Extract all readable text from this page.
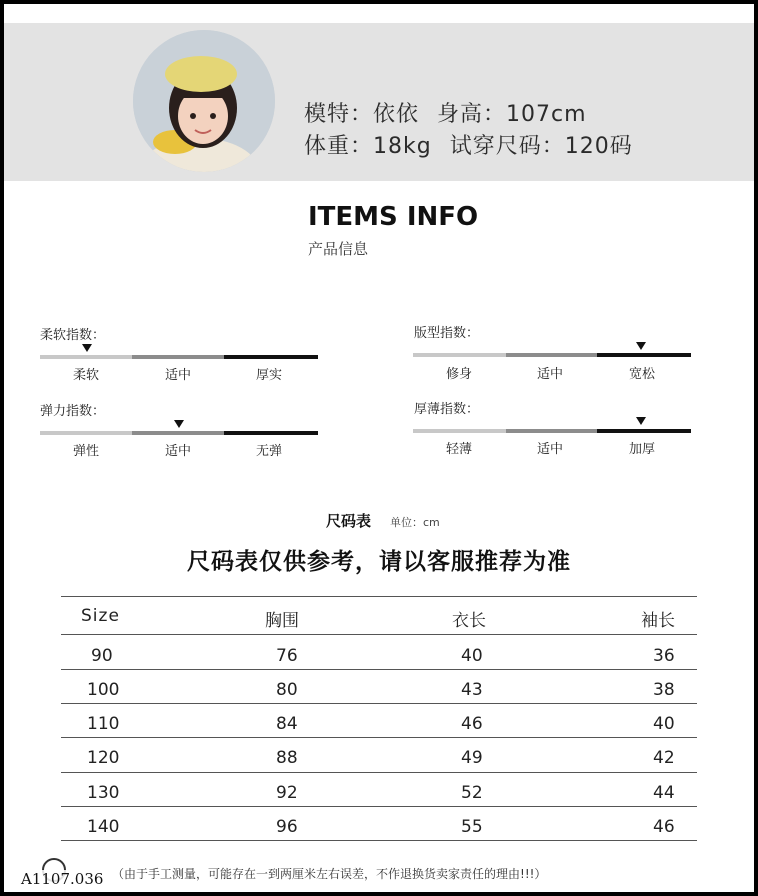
模特：依依 身高：107cm
体重：18kg 试穿尺码：120码
ITEMS INFO
产品信息
柔软指数：
柔软	适中	厚实
版型指数：
修身	适中	宽松
弹力指数：
弹性	适中	无弹
厚薄指数：
轻薄	适中	加厚
尺码表 单位：cm
尺码表仅供参考，请以客服推荐为准
Size	胸围	衣长	袖长
90	76	40	36
100	80	43	38
110	84	46	40
120	88	49	42
130	92	52	44
140	96	55	46
（由于手工测量，可能存在一到两厘米左右误差，不作退换货卖家责任的理由!!!）
A1107.036
